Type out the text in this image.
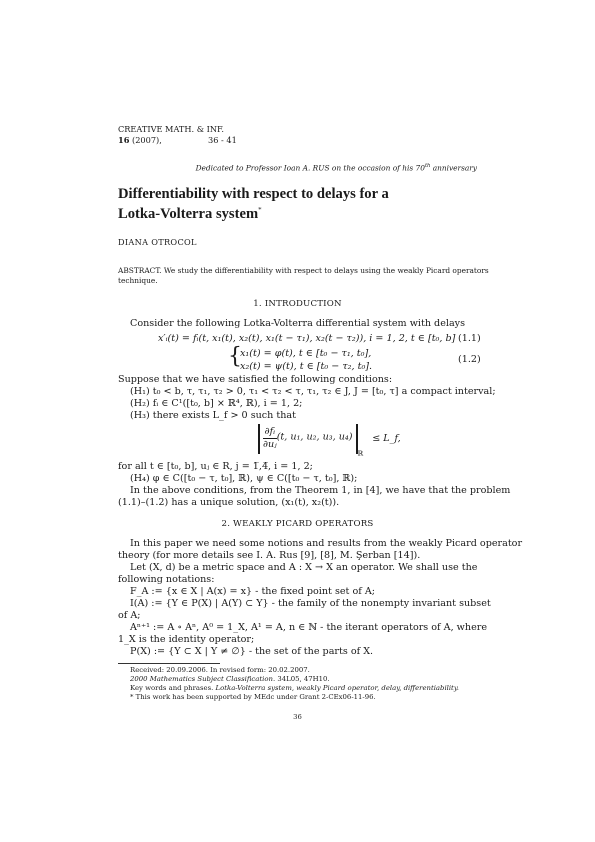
CREATIVE MATH. & INF.
16 (2007),	36 - 41
Dedicated to Professor Ioan A. RUS on the occasion of his 70th anniversary
Differentiability with respect to delays for a
Lotka-Volterra system*
DIANA OTROCOL
ABSTRACT. We study the differentiability with respect to delays using the weakly Picard operators
technique.
1. INTRODUCTION
Consider the following Lotka-Volterra differential system with delays
x′ᵢ(t) = fᵢ(t, x₁(t), x₂(t), x₁(t − τ₁), x₂(t − τ₂)), i = 1, 2, t ∈ [t₀, b] (1.1)
{
x₁(t) = φ(t), t ∈ [t₀ − τ₁, t₀],
x₂(t) = ψ(t), t ∈ [t₀ − τ₂, t₀].
(1.2)
Suppose that we have satisfied the following conditions:
(H₁) t₀ < b, τ, τ₁, τ₂ > 0, τ₁ < τ₂ < τ, τ₁, τ₂ ∈ J, J = [t₀, τ] a compact interval;
(H₂) fᵢ ∈ C¹([t₀, b] × ℝ⁴, ℝ), i = 1, 2;
(H₃) there exists L_f > 0 such that
$\frac{\text{∂fᵢ}}{\text{∂uⱼ}} (t$, u₁, u₂, u₃, $u_4)_ℝ$ ≤ L_f,
for all t ∈ [t₀, b], uⱼ ∈ R, j = 1̅,4̅, i = 1, 2;
(H₄) φ ∈ C([t₀ − τ, t₀], ℝ), ψ ∈ C([t₀ − τ, t₀], ℝ);
In the above conditions, from the Theorem 1, in [4], we have that the problem
(1.1)–(1.2) has a unique solution, (x₁(t), x₂(t)).
2. WEAKLY PICARD OPERATORS
In this paper we need some notions and results from the weakly Picard operator
theory (for more details see I. A. Rus [9], [8], M. Şerban [14]).
Let (X, d) be a metric space and A : X → X an operator. We shall use the
following notations:
F_A := {x ∈ X | A(x) = x} - the fixed point set of A;
I(A) := {Y ∈ P(X) | A(Y) ⊂ Y} - the family of the nonempty invariant subset
of A;
Aⁿ⁺¹ := A ∘ Aⁿ, A⁰ = 1_X, A¹ = A, n ∈ ℕ - the iterant operators of A, where
1_X is the identity operator;
P(X) := {Y ⊂ X | Y ≠ ∅} - the set of the parts of X.
Received: 20.09.2006. In revised form: 20.02.2007.
2000 Mathematics Subject Classification. 34L05, 47H10.
Key words and phrases. Lotka-Volterra system, weakly Picard operator, delay, differentiability.
* This work has been supported by MEdc under Grant 2-CEx06-11-96.
36
